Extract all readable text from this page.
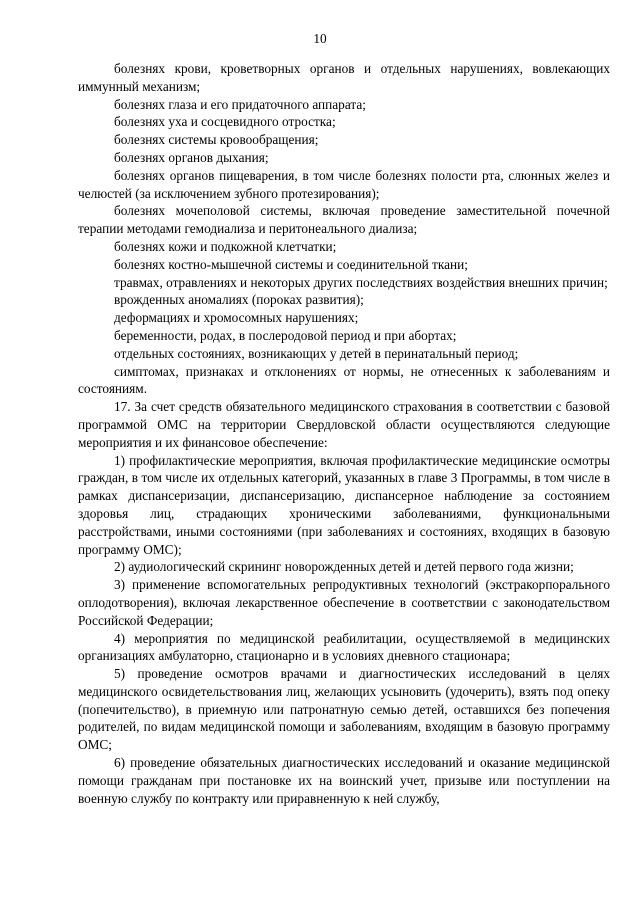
10

болезнях крови, кроветворных органов и отдельных нарушениях, вовлекающих иммунный механизм;

болезнях глаза и его придаточного аппарата;

болезнях уха и сосцевидного отростка;

болезнях системы кровообращения;

болезнях органов дыхания;

болезнях органов пищеварения, в том числе болезнях полости рта, слюнных желез и челюстей (за исключением зубного протезирования);

болезнях мочеполовой системы, включая проведение заместительной почечной терапии методами гемодиализа и перитонеального диализа;

болезнях кожи и подкожной клетчатки;

болезнях костно-мышечной системы и соединительной ткани;

травмах, отравлениях и некоторых других последствиях воздействия внешних причин;

врожденных аномалиях (пороках развития);

деформациях и хромосомных нарушениях;

беременности, родах, в послеродовой период и при абортах;

отдельных состояниях, возникающих у детей в перинатальный период;

симптомах, признаках и отклонениях от нормы, не отнесенных к заболеваниям и состояниям.

17. За счет средств обязательного медицинского страхования в соответствии с базовой программой ОМС на территории Свердловской области осуществляются следующие мероприятия и их финансовое обеспечение:

1) профилактические мероприятия, включая профилактические медицинские осмотры граждан, в том числе их отдельных категорий, указанных в главе 3 Программы, в том числе в рамках диспансеризации, диспансеризацию, диспансерное наблюдение за состоянием здоровья лиц, страдающих хроническими заболеваниями, функциональными расстройствами, иными состояниями (при заболеваниях и состояниях, входящих в базовую программу ОМС);

2) аудиологический скрининг новорожденных детей и детей первого года жизни;

3) применение вспомогательных репродуктивных технологий (экстракорпорального оплодотворения), включая лекарственное обеспечение в соответствии с законодательством Российской Федерации;

4) мероприятия по медицинской реабилитации, осуществляемой в медицинских организациях амбулаторно, стационарно и в условиях дневного стационара;

5) проведение осмотров врачами и диагностических исследований в целях медицинского освидетельствования лиц, желающих усыновить (удочерить), взять под опеку (попечительство), в приемную или патронатную семью детей, оставшихся без попечения родителей, по видам медицинской помощи и заболеваниям, входящим в базовую программу ОМС;

6) проведение обязательных диагностических исследований и оказание медицинской помощи гражданам при постановке их на воинский учет, призыве или поступлении на военную службу по контракту или приравненную к ней службу,
